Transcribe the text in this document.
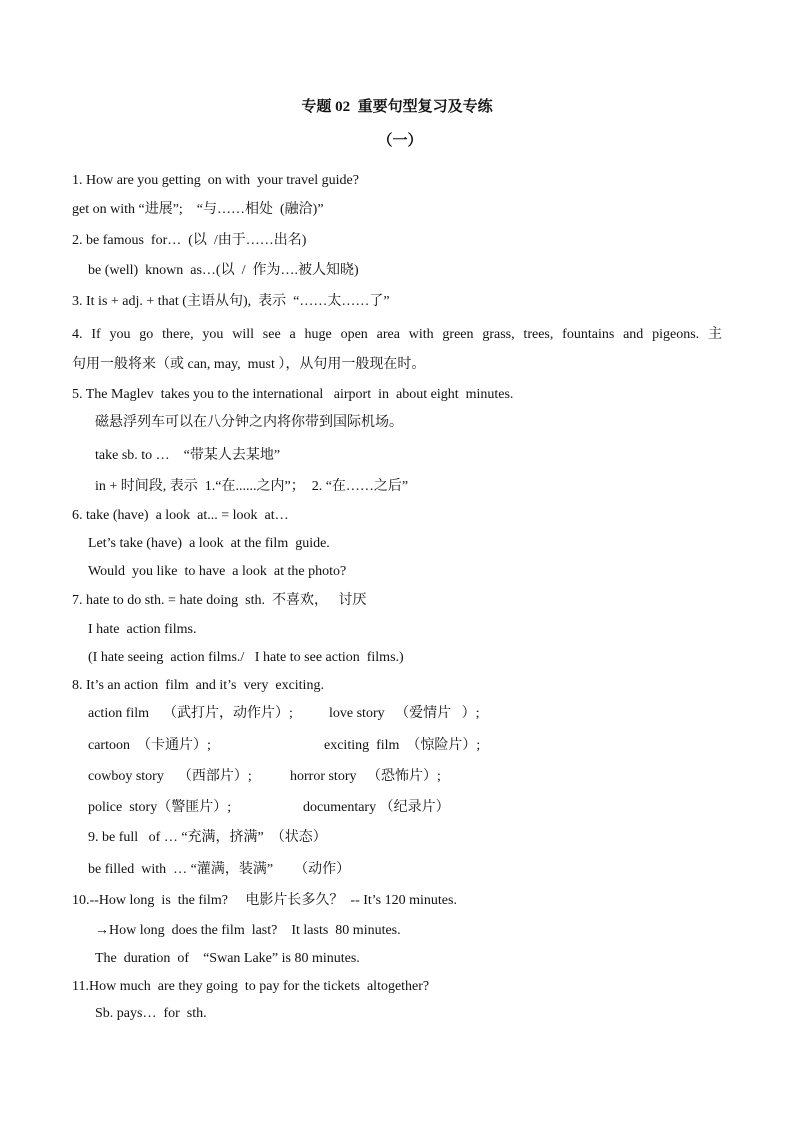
专题 02  重要句型复习及专练
（一）
1. How are you getting  on with  your travel guide?
get on with “进展”;    “与……相处  (融洽)”
2. be famous  for…  (以  /由于……出名)
be (well)  known  as…(以  /  作为….被人知晓)
3. It is + adj. + that (主语从句),  表示  “……太……了”
4. If you go there, you will see a huge open area with green grass, trees, fountains and pigeons. 主
句用一般将来（或 can, may,  must ），从句用一般现在时。
5. The Maglev  takes you to the international   airport  in  about eight  minutes.
磁悬浮列车可以在八分钟之内将你带到国际机场。
take sb. to …    “带某人去某地”
in + 时间段, 表示  1.“在......之内”；  2. “在……之后”
6. take (have)  a look  at... = look  at…
Let’s take (have)  a look  at the film  guide.
Would  you like  to have  a look  at the photo?
7. hate to do sth. = hate doing  sth.  不喜欢，   讨厌
I hate  action films.
(I hate seeing  action films./   I hate to see action  films.)
8. It’s an action  film  and it’s  very  exciting.
action film    （武打片，动作片）;	love story   （爱情片   ）;
cartoon  （卡通片）;	exciting  film  （惊险片）;
cowboy story    （西部片）;	horror story   （恐怖片）;
police  story（警匪片）;	documentary （纪录片）
9. be full   of … “充满，挤满”  （状态）
be filled  with  … “灌满，装满”      （动作）
10.--How long  is  the film?     电影片长多久？  -- It’s 120 minutes.
→How long  does the film  last?    It lasts  80 minutes.
The  duration  of    “Swan Lake” is 80 minutes.
11.How much  are they going  to pay for the tickets  altogether?
Sb. pays…  for  sth.
